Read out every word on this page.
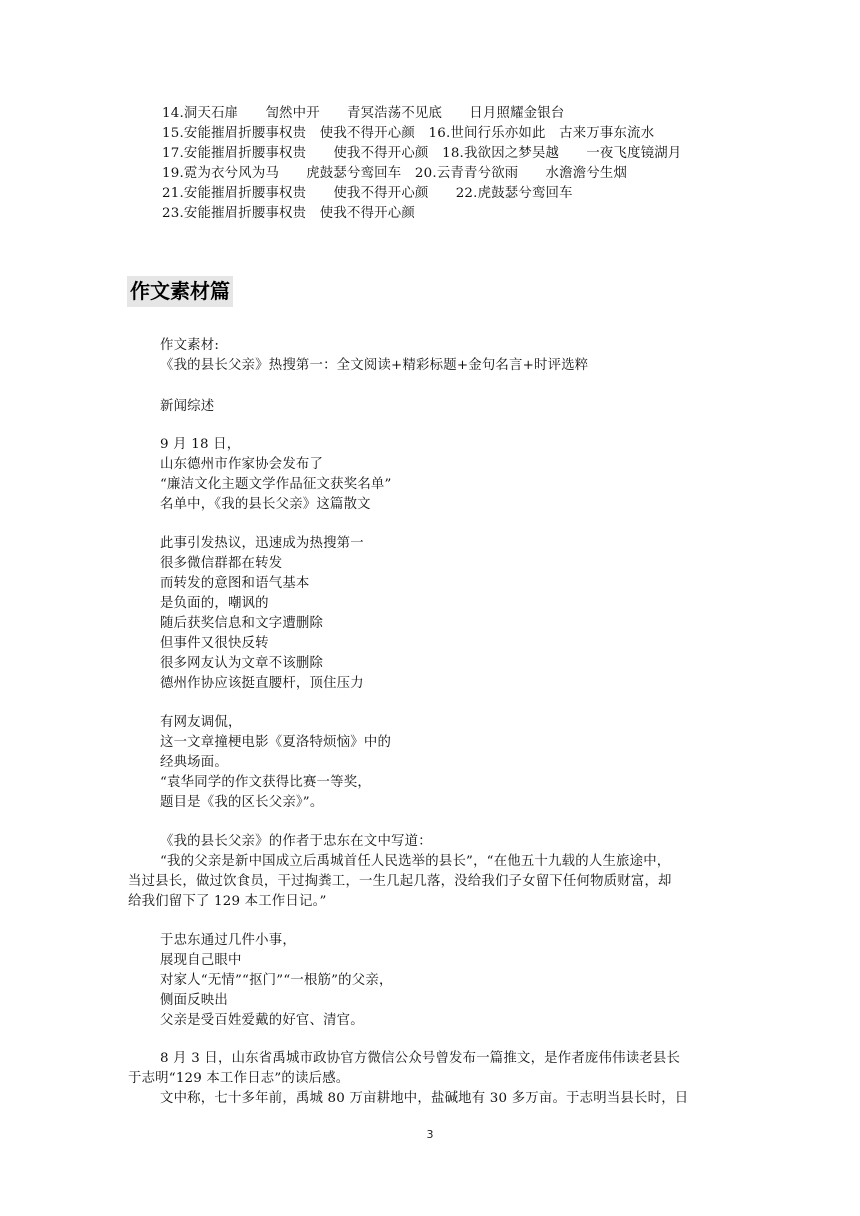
14.洞天石扉　　訇然中开　　青冥浩荡不见底　　日月照耀金银台
15.安能摧眉折腰事权贵　使我不得开心颜　16.世间行乐亦如此　古来万事东流水
17.安能摧眉折腰事权贵　　使我不得开心颜　18.我欲因之梦吴越　　一夜飞度镜湖月
19.霓为衣兮风为马　　虎鼓瑟兮鸾回车　20.云青青兮欲雨　　水澹澹兮生烟
21.安能摧眉折腰事权贵　　使我不得开心颜　　22.虎鼓瑟兮鸾回车
23.安能摧眉折腰事权贵　使我不得开心颜
作文素材篇
作文素材:
《我的县长父亲》热搜第一：全文阅读+精彩标题+金句名言+时评选粹
新闻综述
9 月 18 日，
山东德州市作家协会发布了
“廉洁文化主题文学作品征文获奖名单”
名单中，《我的县长父亲》这篇散文
此事引发热议，迅速成为热搜第一
很多微信群都在转发
而转发的意图和语气基本
是负面的，嘲讽的
随后获奖信息和文字遭删除
但事件又很快反转
很多网友认为文章不该删除
德州作协应该挺直腰杆，顶住压力
有网友调侃，
这一文章撞梗电影《夏洛特烦恼》中的
经典场面。
“袁华同学的作文获得比赛一等奖，
题目是《我的区长父亲》”。
《我的县长父亲》的作者于忠东在文中写道：
“我的父亲是新中国成立后禹城首任人民选举的县长”，“在他五十九载的人生旅途中，
当过县长，做过饮食员，干过掏粪工，一生几起几落，没给我们子女留下任何物质财富，却
给我们留下了 129 本工作日记。”
于忠东通过几件小事，
展现自己眼中
对家人“无情”“抠门”“一根筋”的父亲，
侧面反映出
父亲是受百姓爱戴的好官、清官。
8 月 3 日，山东省禹城市政协官方微信公众号曾发布一篇推文，是作者庞伟伟读老县长
于志明“129 本工作日志”的读后感。
文中称，七十多年前，禹城 80 万亩耕地中，盐碱地有 30 多万亩。于志明当县长时，日
3
